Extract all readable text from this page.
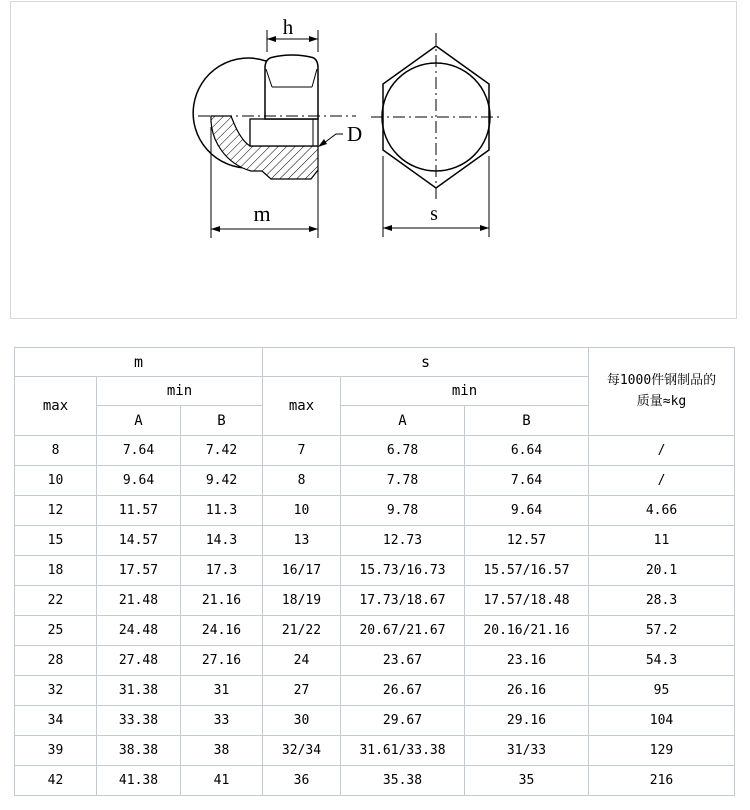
h
m
D
s
m			s			每1000件钢制品的
质量≈kg

max	min		max	min		
	A	B		A	B	
8	7.64	7.42	7	6.78	6.64	/
10	9.64	9.42	8	7.78	7.64	/
12	11.57	11.3	10	9.78	9.64	4.66
15	14.57	14.3	13	12.73	12.57	11
18	17.57	17.3	16/17	15.73/16.73	15.57/16.57	20.1
22	21.48	21.16	18/19	17.73/18.67	17.57/18.48	28.3
25	24.48	24.16	21/22	20.67/21.67	20.16/21.16	57.2
28	27.48	27.16	24	23.67	23.16	54.3
32	31.38	31	27	26.67	26.16	95
34	33.38	33	30	29.67	29.16	104
39	38.38	38	32/34	31.61/33.38	31/33	129
42	41.38	41	36	35.38	35	216
